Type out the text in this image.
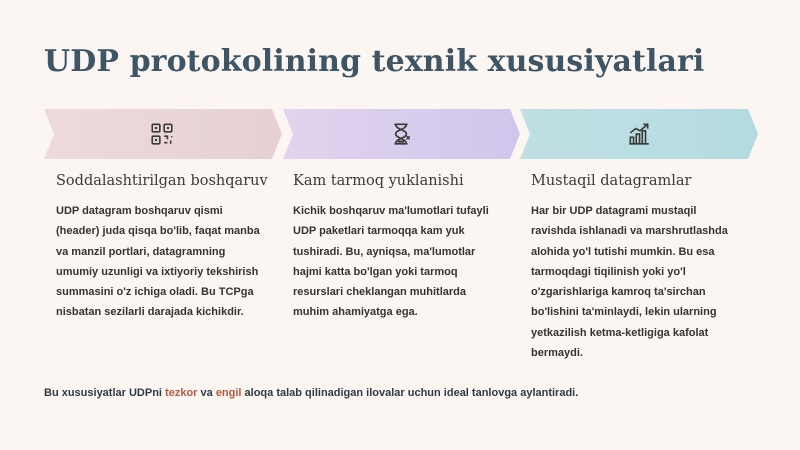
UDP protokolining texnik xususiyatlari
Soddalashtirilgan boshqaruv

UDP datagram boshqaruv qismi (header) juda qisqa bo'lib, faqat manba va manzil portlari, datagramning umumiy uzunligi va ixtiyoriy tekshirish summasini o'z ichiga oladi. Bu TCPga nisbatan sezilarli darajada kichikdir.

Kam tarmoq yuklanishi

Kichik boshqaruv ma'lumotlari tufayli UDP paketlari tarmoqqa kam yuk tushiradi. Bu, ayniqsa, ma'lumotlar hajmi katta bo'lgan yoki tarmoq resurslari cheklangan muhitlarda muhim ahamiyatga ega.

Mustaqil datagramlar

Har bir UDP datagrami mustaqil ravishda ishlanadi va marshrutlashda alohida yo'l tutishi mumkin. Bu esa tarmoqdagi tiqilinish yoki yo'l o'zgarishlariga kamroq ta'sirchan bo'lishini ta'minlaydi, lekin ularning yetkazilish ketma-ketligiga kafolat bermaydi.

Bu xususiyatlar UDPni tezkor va engil aloqa talab qilinadigan ilovalar uchun ideal tanlovga aylantiradi.
